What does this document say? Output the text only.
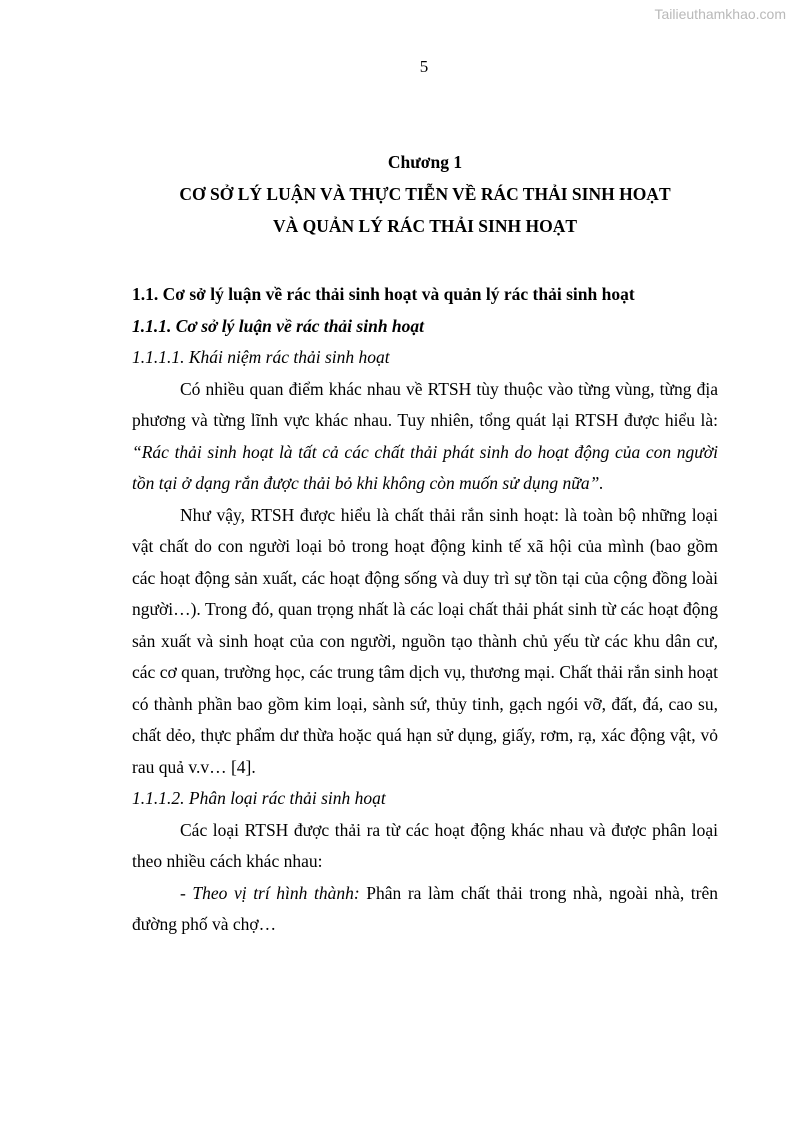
Tailieuthamkhao.com
5
Chương 1
CƠ SỞ LÝ LUẬN VÀ THỰC TIỄN VỀ RÁC THẢI SINH HOẠT
VÀ QUẢN LÝ RÁC THẢI SINH HOẠT

1.1. Cơ sở lý luận về rác thải sinh hoạt và quản lý rác thải sinh hoạt

1.1.1. Cơ sở lý luận về rác thải sinh hoạt

1.1.1.1. Khái niệm rác thải sinh hoạt

Có nhiều quan điểm khác nhau về RTSH tùy thuộc vào từng vùng, từng địa phương và từng lĩnh vực khác nhau. Tuy nhiên, tổng quát lại RTSH được hiểu là: “Rác thải sinh hoạt là tất cả các chất thải phát sinh do hoạt động của con người tồn tại ở dạng rắn được thải bỏ khi không còn muốn sử dụng nữa”.

Như vậy, RTSH được hiểu là chất thải rắn sinh hoạt: là toàn bộ những loại vật chất do con người loại bỏ trong hoạt động kinh tế xã hội của mình (bao gồm các hoạt động sản xuất, các hoạt động sống và duy trì sự tồn tại của cộng đồng loài người…). Trong đó, quan trọng nhất là các loại chất thải phát sinh từ các hoạt động sản xuất và sinh hoạt của con người, nguồn tạo thành chủ yếu từ các khu dân cư, các cơ quan, trường học, các trung tâm dịch vụ, thương mại. Chất thải rắn sinh hoạt có thành phần bao gồm kim loại, sành sứ, thủy tinh, gạch ngói vỡ, đất, đá, cao su, chất dẻo, thực phẩm dư thừa hoặc quá hạn sử dụng, giấy, rơm, rạ, xác động vật, vỏ rau quả v.v… [4].

1.1.1.2. Phân loại rác thải sinh hoạt

Các loại RTSH được thải ra từ các hoạt động khác nhau và được phân loại theo nhiều cách khác nhau:

- Theo vị trí hình thành: Phân ra làm chất thải trong nhà, ngoài nhà, trên đường phố và chợ…
